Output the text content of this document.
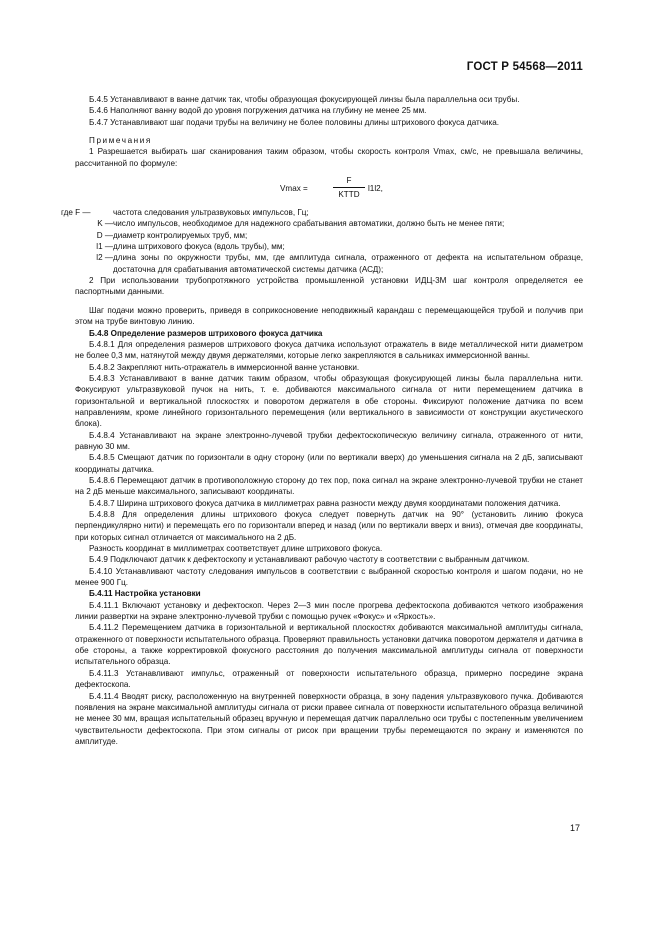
ГОСТ Р 54568—2011

Б.4.5 Устанавливают в ванне датчик так, чтобы образующая фокусирующей линзы была параллельна оси трубы.

Б.4.6 Наполняют ванну водой до уровня погружения датчика на глубину не менее 25 мм.

Б.4.7 Устанавливают шаг подачи трубы на величину не более половины длины штрихового фокуса датчика.

Примечания

1 Разрешается выбирать шаг сканирования таким образом, чтобы скорость контроля Vmax, см/с, не превышала величины, рассчитанной по формуле:

Vmax =
F
KТТD
l1l2,
где F —	частота следования ультразвуковых импульсов, Гц;
K — число импульсов, необходимое для надежного срабатывания автоматики, должно быть не менее пяти;
D — диаметр контролируемых труб, мм;
l1 — длина штрихового фокуса (вдоль трубы), мм;
l2 — длина зоны по окружности трубы, мм, где амплитуда сигнала, отраженного от дефекта на испытательном образце, достаточна для срабатывания автоматической системы датчика (АСД);

2 При использовании трубопротяжного устройства промышленной установки ИДЦ-3М шаг контроля определяется ее паспортными данными.

Шаг подачи можно проверить, приведя в соприкосновение неподвижный карандаш с перемещающейся трубой и получив при этом на трубе винтовую линию.

Б.4.8 Определение размеров штрихового фокуса датчика

Б.4.8.1 Для определения размеров штрихового фокуса датчика используют отражатель в виде металлической нити диаметром не более 0,3 мм, натянутой между двумя держателями, которые легко закрепляются в сальниках иммерсионной ванны.

Б.4.8.2 Закрепляют нить-отражатель в иммерсионной ванне установки.

Б.4.8.3 Устанавливают в ванне датчик таким образом, чтобы образующая фокусирующей линзы была параллельна нити. Фокусируют ультразвуковой пучок на нить, т. е. добиваются максимального сигнала от нити перемещением датчика в горизонтальной и вертикальной плоскостях и поворотом держателя в обе стороны. Фиксируют положение датчика по всем направлениям, кроме линейного горизонтального перемещения (или вертикального в зависимости от конструкции акустического блока).

Б.4.8.4 Устанавливают на экране электронно-лучевой трубки дефектоскопическую величину сигнала, отраженного от нити, равную 30 мм.

Б.4.8.5 Смещают датчик по горизонтали в одну сторону (или по вертикали вверх) до уменьшения сигнала на 2 дБ, записывают координаты датчика.

Б.4.8.6 Перемещают датчик в противоположную сторону до тех пор, пока сигнал на экране электронно-лучевой трубки не станет на 2 дБ меньше максимального, записывают координаты.

Б.4.8.7 Ширина штрихового фокуса датчика в миллиметрах равна разности между двумя координатами положения датчика.

Б.4.8.8 Для определения длины штрихового фокуса следует повернуть датчик на 90° (установить линию фокуса перпендикулярно нити) и перемещать его по горизонтали вперед и назад (или по вертикали вверх и вниз), отмечая две координаты, при которых сигнал отличается от максимального на 2 дБ.

Разность координат в миллиметрах соответствует длине штрихового фокуса.

Б.4.9 Подключают датчик к дефектоскопу и устанавливают рабочую частоту в соответствии с выбранным датчиком.

Б.4.10 Устанавливают частоту следования импульсов в соответствии с выбранной скоростью контроля и шагом подачи, но не менее 900 Гц.

Б.4.11 Настройка установки

Б.4.11.1 Включают установку и дефектоскоп. Через 2—3 мин после прогрева дефектоскопа добиваются четкого изображения линии развертки на экране электронно-лучевой трубки с помощью ручек «Фокус» и «Яркость».

Б.4.11.2 Перемещением датчика в горизонтальной и вертикальной плоскостях добиваются максимальной амплитуды сигнала, отраженного от поверхности испытательного образца. Проверяют правильность установки датчика поворотом держателя и датчика в обе стороны, а также корректировкой фокусного расстояния до получения максимальной амплитуды сигнала от поверхности испытательного образца.

Б.4.11.3 Устанавливают импульс, отраженный от поверхности испытательного образца, примерно посредине экрана дефектоскопа.

Б.4.11.4 Вводят риску, расположенную на внутренней поверхности образца, в зону падения ультразвукового пучка. Добиваются появления на экране максимальной амплитуды сигнала от риски правее сигнала от поверхности испытательного образца величиной не менее 30 мм, вращая испытательный образец вручную и перемещая датчик параллельно оси трубы с постепенным увеличением чувствительности дефектоскопа. При этом сигналы от рисок при вращении трубы перемещаются по экрану и изменяются по амплитуде.

17
